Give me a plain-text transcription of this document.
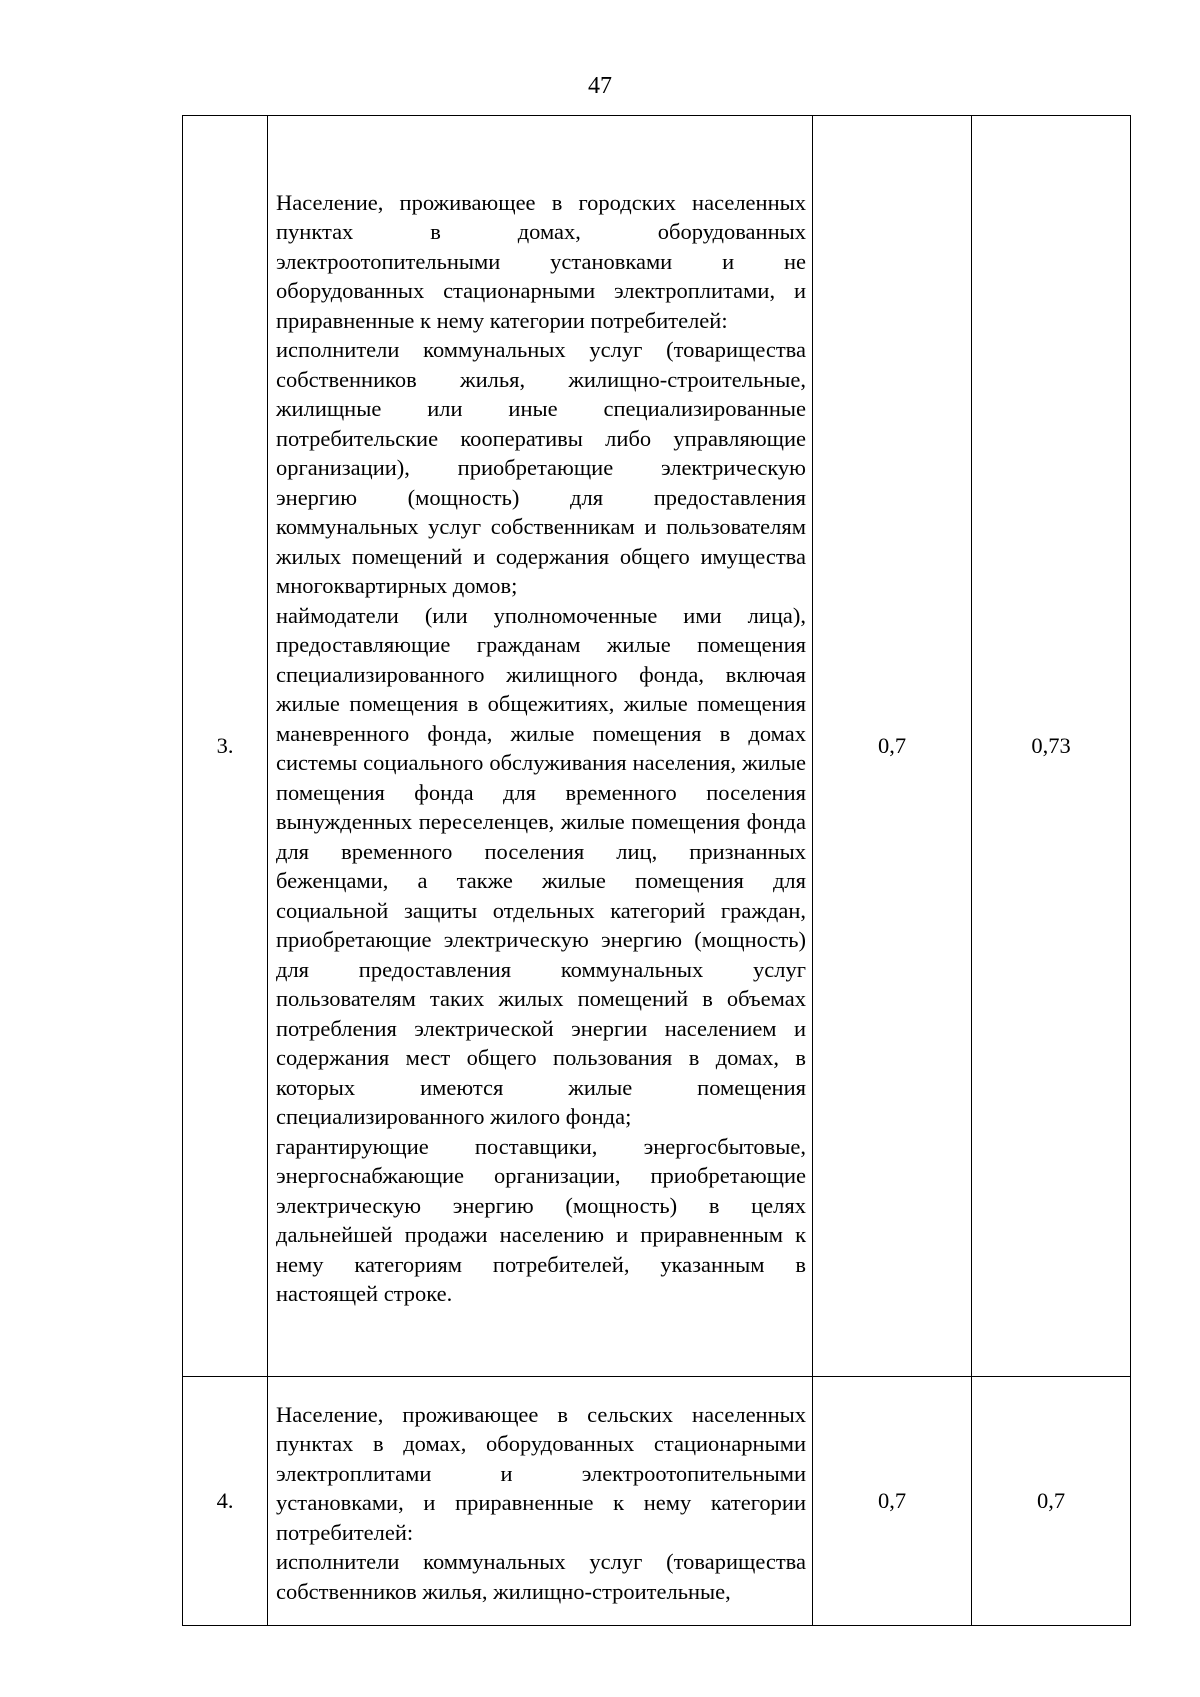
47
3.	Население, проживающее в городских населенных пунктах в домах, оборудованных электроотопительными установками и не оборудованных стационарными электроплитами, и приравненные к нему категории потребителей:
исполнители коммунальных услуг (товарищества собственников жилья, жилищно-строительные, жилищные или иные специализированные потребительские кооперативы либо управляющие организации), приобретающие электрическую энергию (мощность) для предоставления коммунальных услуг собственникам и пользователям жилых помещений и содержания общего имущества многоквартирных домов;
наймодатели (или уполномоченные ими лица), предоставляющие гражданам жилые помещения специализированного жилищного фонда, включая жилые помещения в общежитиях, жилые помещения маневренного фонда, жилые помещения в домах системы социального обслуживания населения, жилые помещения фонда для временного поселения вынужденных переселенцев, жилые помещения фонда для временного поселения лиц, признанных беженцами, а также жилые помещения для социальной защиты отдельных категорий граждан, приобретающие электрическую энергию (мощность) для предоставления коммунальных услуг пользователям таких жилых помещений в объемах потребления электрической энергии населением и содержания мест общего пользования в домах, в которых имеются жилые помещения специализированного жилого фонда;
гарантирующие поставщики, энергосбытовые, энергоснабжающие организации, приобретающие электрическую энергию (мощность) в целях дальнейшей продажи населению и приравненным к нему категориям потребителей, указанным в настоящей строке.	0,7	0,73
4.	Население, проживающее в сельских населенных пунктах в домах, оборудованных стационарными электроплитами и электроотопительными установками, и приравненные к нему категории потребителей:
исполнители коммунальных услуг (товарищества собственников жилья, жилищно-строительные,	0,7	0,7
